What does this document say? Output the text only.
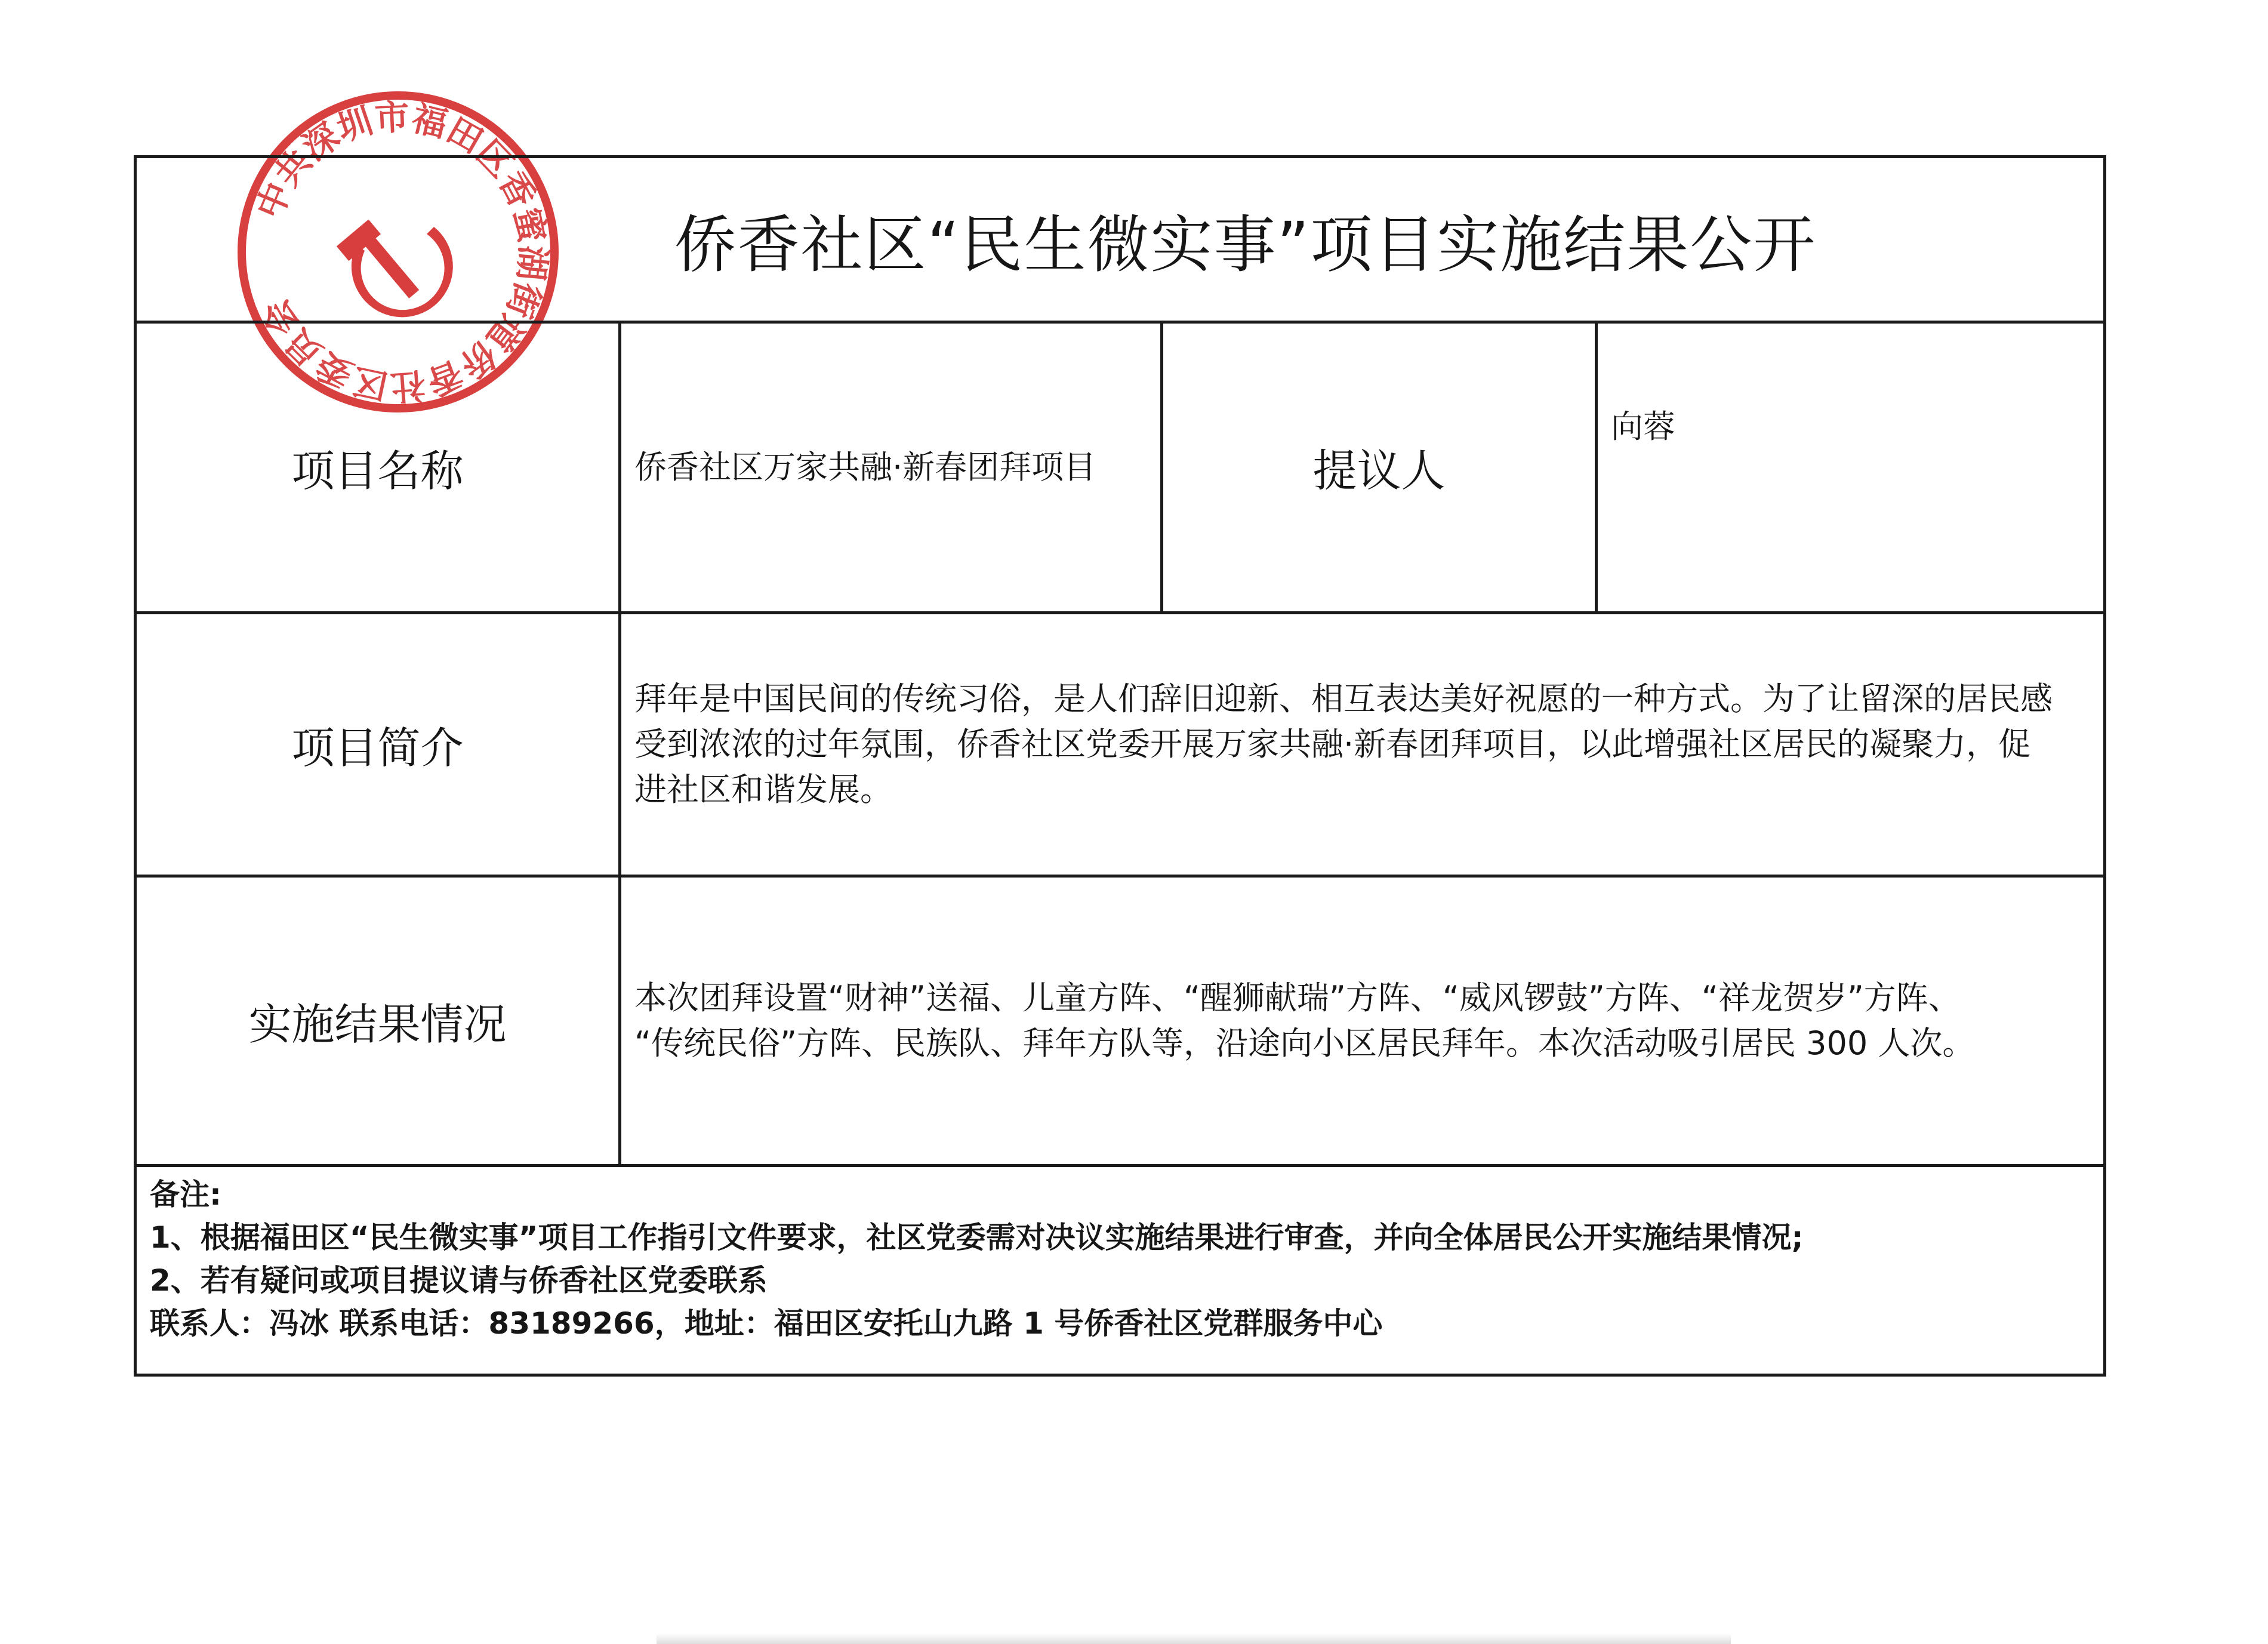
中共深圳市福田区香蜜湖街道侨香社区委员会
侨香社区“民生微实事”项目实施结果公开			
项目名称	侨香社区万家共融·新春团拜项目	提议人	向蓉
项目简介	拜年是中国民间的传统习俗，是人们辞旧迎新、相互表达美好祝愿的一种方式。为了让留深的居民感
受到浓浓的过年氛围，侨香社区党委开展万家共融·新春团拜项目，以此增强社区居民的凝聚力，促
进社区和谐发展。		

实施结果情况	本次团拜设置“财神”送福、儿童方阵、“醒狮献瑞”方阵、“威风锣鼓”方阵、“祥龙贺岁”方阵、
“传统民俗”方阵、民族队、拜年方队等，沿途向小区居民拜年。本次活动吸引居民 300 人次。		

备注:
1、根据福田区“民生微实事”项目工作指引文件要求，社区党委需对决议实施结果进行审查，并向全体居民公开实施结果情况;
2、若有疑问或项目提议请与侨香社区党委联系
联系人：冯冰 联系电话：83189266，地址：福田区安托山九路 1 号侨香社区党群服务中心			
